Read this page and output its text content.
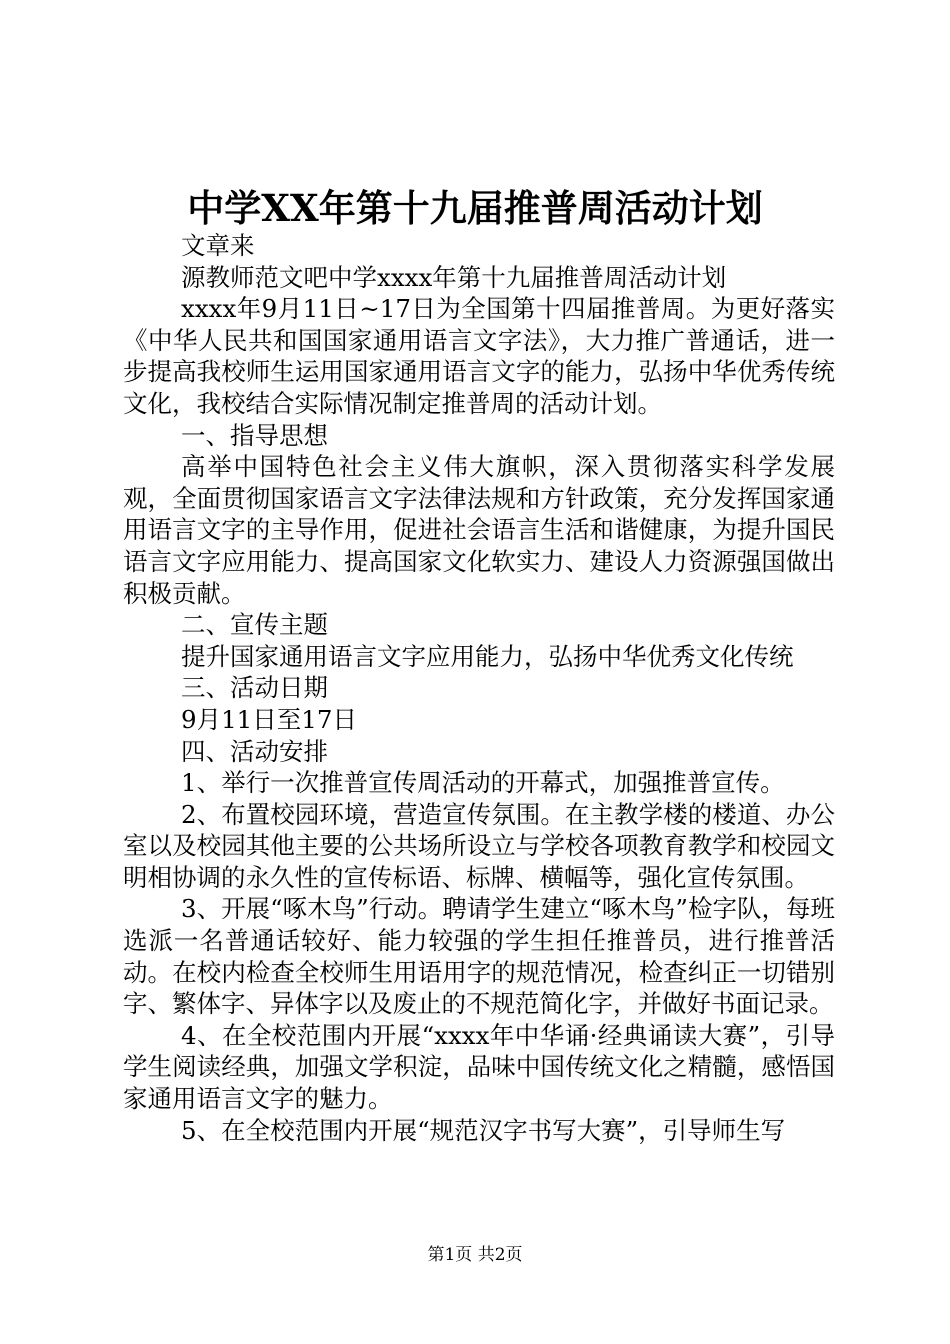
中学XX年第十九届推普周活动计划

文章来

源教师范文吧中学xxxx年第十九届推普周活动计划

xxxx年9月11日~17日为全国第十四届推普周。为更好落实《中华人民共和国国家通用语言文字法》，大力推广普通话，进一步提高我校师生运用国家通用语言文字的能力，弘扬中华优秀传统文化，我校结合实际情况制定推普周的活动计划。

一、指导思想

高举中国特色社会主义伟大旗帜，深入贯彻落实科学发展观，全面贯彻国家语言文字法律法规和方针政策，充分发挥国家通用语言文字的主导作用，促进社会语言生活和谐健康，为提升国民语言文字应用能力、提高国家文化软实力、建设人力资源强国做出积极贡献。

二、宣传主题

提升国家通用语言文字应用能力，弘扬中华优秀文化传统

三、活动日期

9月11日至17日

四、活动安排

1、举行一次推普宣传周活动的开幕式，加强推普宣传。

2、布置校园环境，营造宣传氛围。在主教学楼的楼道、办公室以及校园其他主要的公共场所设立与学校各项教育教学和校园文明相协调的永久性的宣传标语、标牌、横幅等，强化宣传氛围。

3、开展“啄木鸟”行动。聘请学生建立“啄木鸟”检字队，每班选派一名普通话较好、能力较强的学生担任推普员，进行推普活动。在校内检查全校师生用语用字的规范情况，检查纠正一切错别字、繁体字、异体字以及废止的不规范简化字，并做好书面记录。

4、在全校范围内开展“xxxx年中华诵·经典诵读大赛”，引导学生阅读经典，加强文学积淀，品味中国传统文化之精髓，感悟国家通用语言文字的魅力。

5、在全校范围内开展“规范汉字书写大赛”，引导师生写

第1页 共2页
